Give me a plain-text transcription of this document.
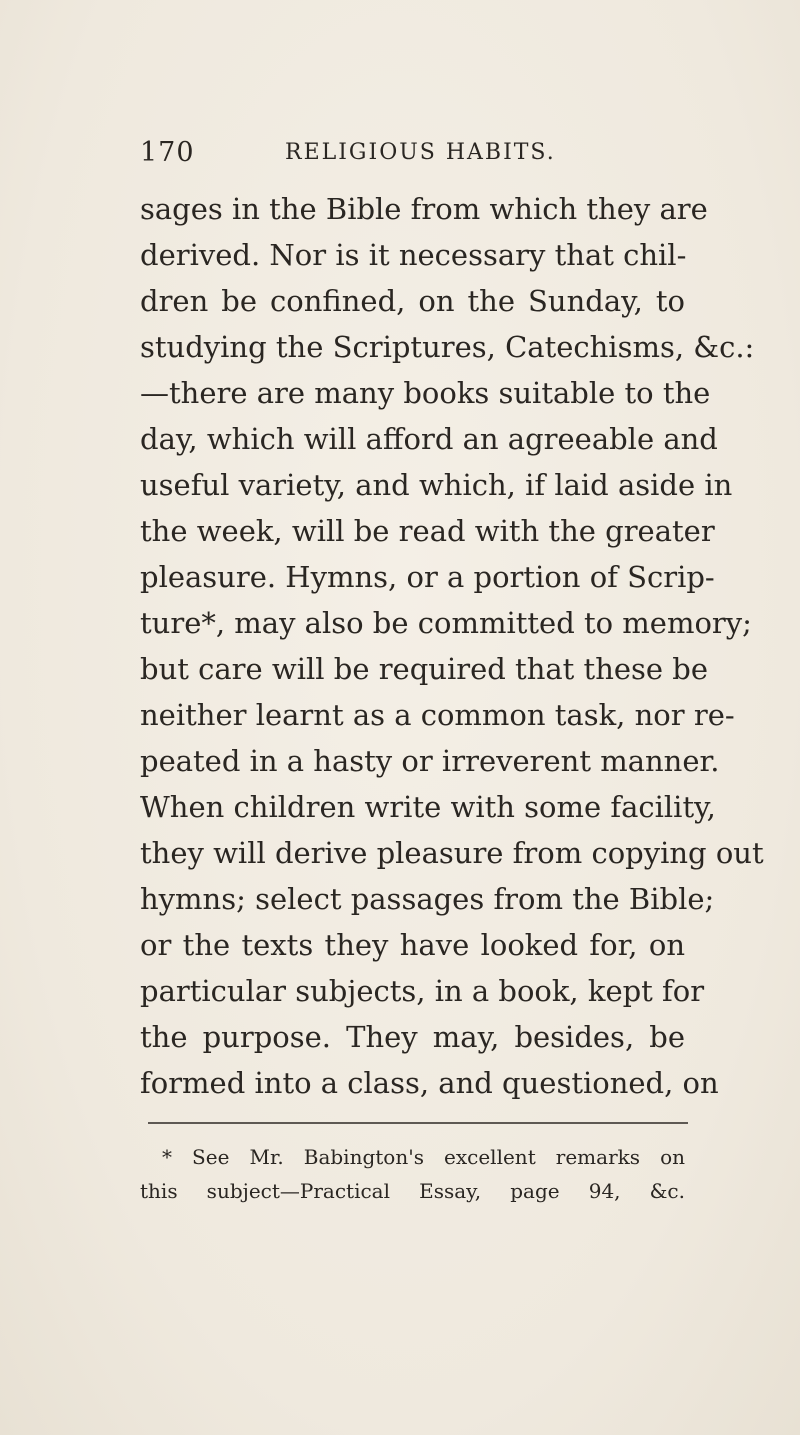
170	RELIGIOUS HABITS.
sages in the Bible from which they are
derived. Nor is it necessary that chil-
dren be confined, on the Sunday, to
studying the Scriptures, Catechisms, &c.:
—there are many books suitable to the
day, which will afford an agreeable and
useful variety, and which, if laid aside in
the week, will be read with the greater
pleasure. Hymns, or a portion of Scrip-
ture*, may also be committed to memory;
but care will be required that these be
neither learnt as a common task, nor re-
peated in a hasty or irreverent manner.
When children write with some facility,
they will derive pleasure from copying out
hymns; select passages from the Bible;
or the texts they have looked for, on
particular subjects, in a book, kept for
the purpose. They may, besides, be
formed into a class, and questioned, on
* See Mr. Babington's excellent remarks on
this subject—Practical Essay, page 94, &c.
